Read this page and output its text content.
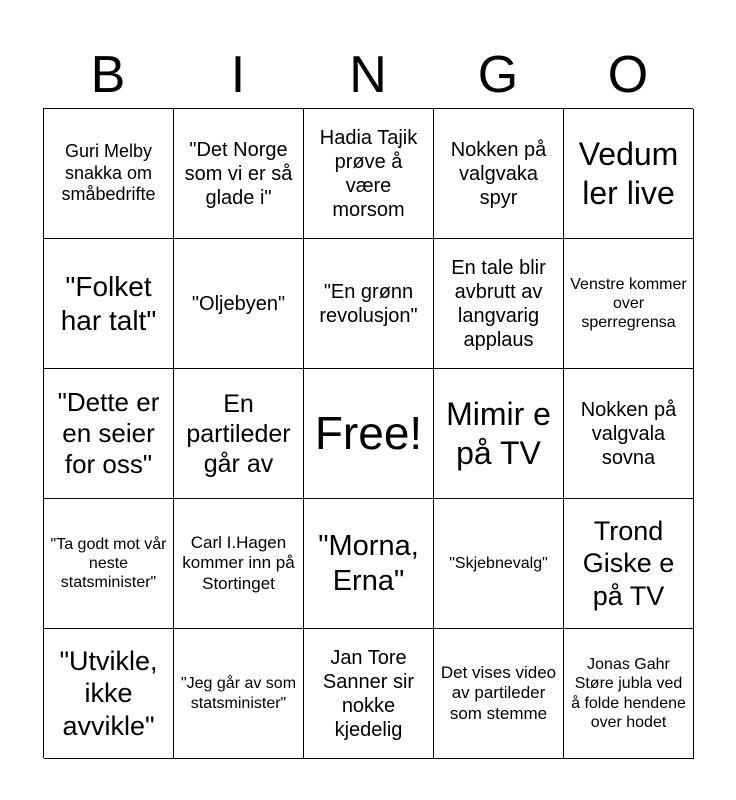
B	I	N	G	O
Guri Melby snakka om småbedrifte
"Det Norge som vi er så glade i"
Hadia Tajik prøve å være morsom
Nokken på valgvaka spyr
Vedum ler live
"Folket har talt"
"Oljebyen"
"En grønn revolusjon"
En tale blir avbrutt av langvarig applaus
Venstre kommer over sperregrensa
"Dette er en seier for oss"
En partileder går av
Free! Mimir e på TV
Nokken på valgvala sovna
"Ta godt mot vår neste statsminister"
Carl I.Hagen kommer inn på Stortinget
"Morna, Erna"
"Skjebnevalg"
Trond Giske e på TV
"Utvikle, ikke avvikle"
"Jeg går av som statsminister"
Jan Tore Sanner sir nokke kjedelig
Det vises video av partileder som stemme
Jonas Gahr Støre jubla ved å folde hendene over hodet
